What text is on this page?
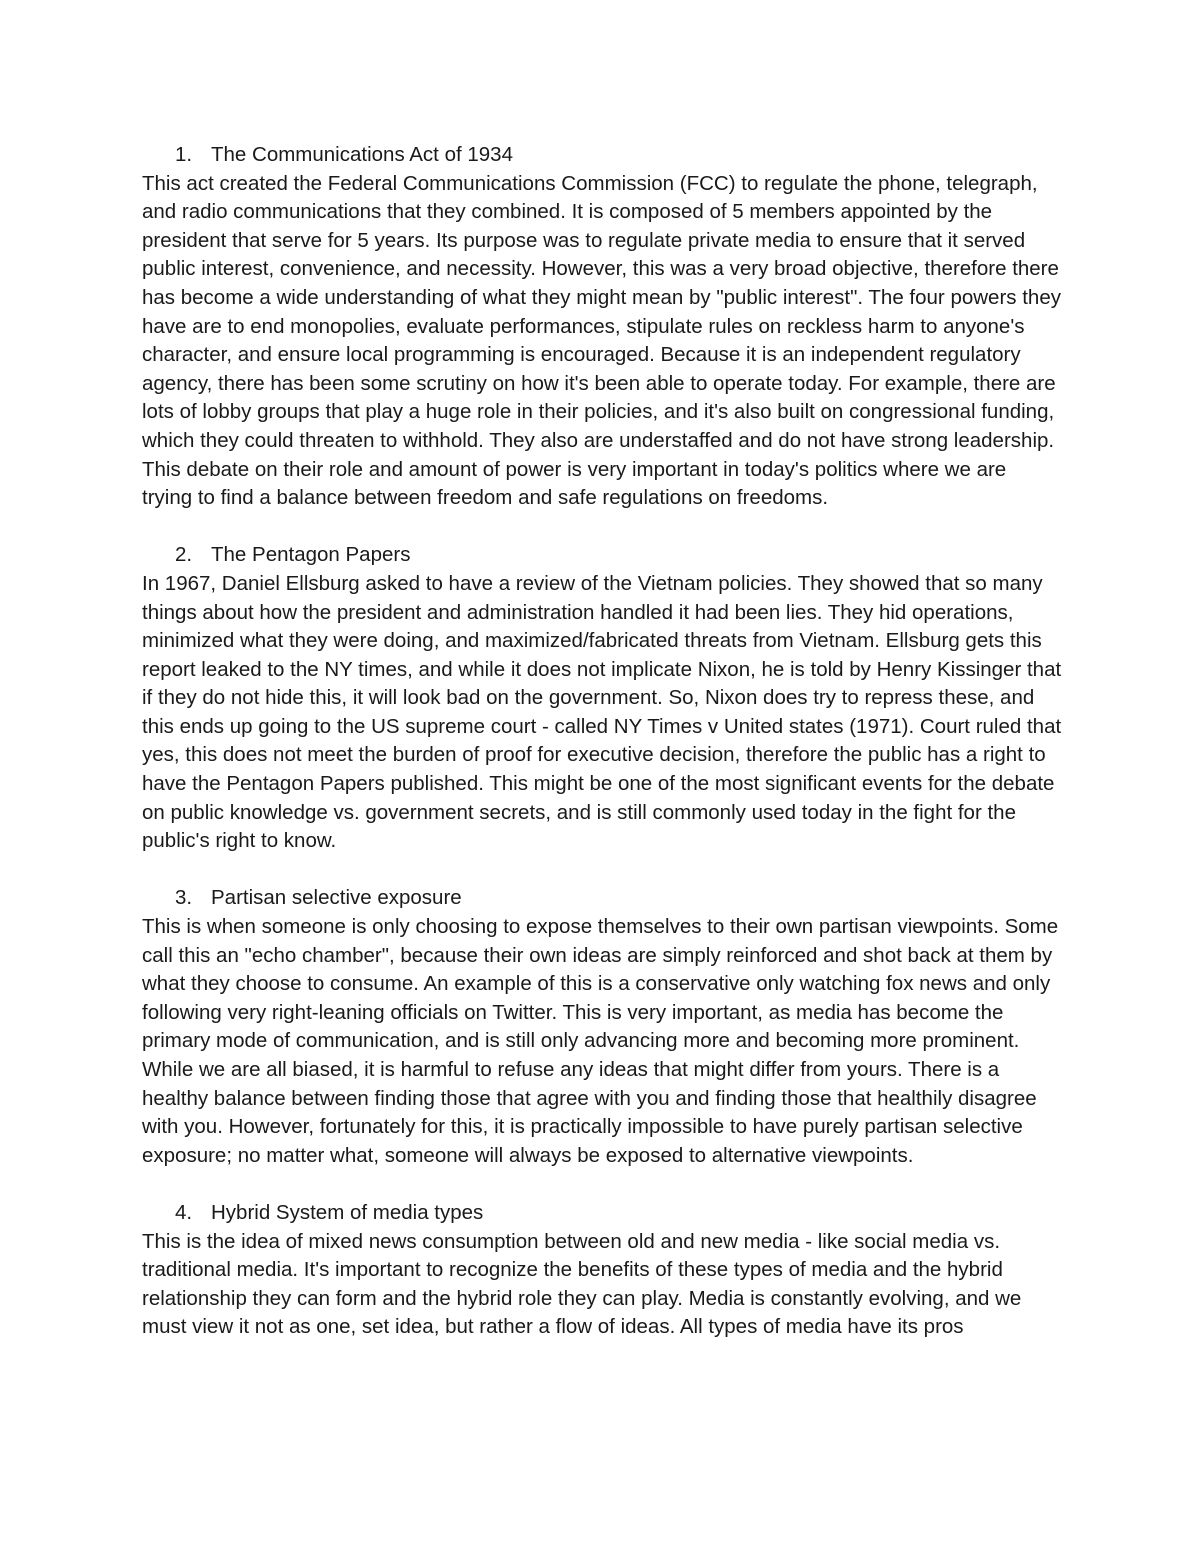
1. The Communications Act of 1934

This act created the Federal Communications Commission (FCC) to regulate the phone, telegraph, and radio communications that they combined. It is composed of 5 members appointed by the president that serve for 5 years. Its purpose was to regulate private media to ensure that it served public interest, convenience, and necessity. However, this was a very broad objective, therefore there has become a wide understanding of what they might mean by "public interest". The four powers they have are to end monopolies, evaluate performances, stipulate rules on reckless harm to anyone's character, and ensure local programming is encouraged. Because it is an independent regulatory agency, there has been some scrutiny on how it's been able to operate today. For example, there are lots of lobby groups that play a huge role in their policies, and it's also built on congressional funding, which they could threaten to withhold. They also are understaffed and do not have strong leadership. This debate on their role and amount of power is very important in today's politics where we are trying to find a balance between freedom and safe regulations on freedoms.

2. The Pentagon Papers

In 1967, Daniel Ellsburg asked to have a review of the Vietnam policies. They showed that so many things about how the president and administration handled it had been lies. They hid operations, minimized what they were doing, and maximized/fabricated threats from Vietnam. Ellsburg gets this report leaked to the NY times, and while it does not implicate Nixon, he is told by Henry Kissinger that if they do not hide this, it will look bad on the government. So, Nixon does try to repress these, and this ends up going to the US supreme court - called NY Times v United states (1971). Court ruled that yes, this does not meet the burden of proof for executive decision, therefore the public has a right to have the Pentagon Papers published. This might be one of the most significant events for the debate on public knowledge vs. government secrets, and is still commonly used today in the fight for the public's right to know.

3. Partisan selective exposure

This is when someone is only choosing to expose themselves to their own partisan viewpoints. Some call this an "echo chamber", because their own ideas are simply reinforced and shot back at them by what they choose to consume. An example of this is a conservative only watching fox news and only following very right-leaning officials on Twitter. This is very important, as media has become the primary mode of communication, and is still only advancing more and becoming more prominent. While we are all biased, it is harmful to refuse any ideas that might differ from yours. There is a healthy balance between finding those that agree with you and finding those that healthily disagree with you. However, fortunately for this, it is practically impossible to have purely partisan selective exposure; no matter what, someone will always be exposed to alternative viewpoints.

4. Hybrid System of media types

This is the idea of mixed news consumption between old and new media - like social media vs. traditional media. It's important to recognize the benefits of these types of media and the hybrid relationship they can form and the hybrid role they can play. Media is constantly evolving, and we must view it not as one, set idea, but rather a flow of ideas. All types of media have its pros
